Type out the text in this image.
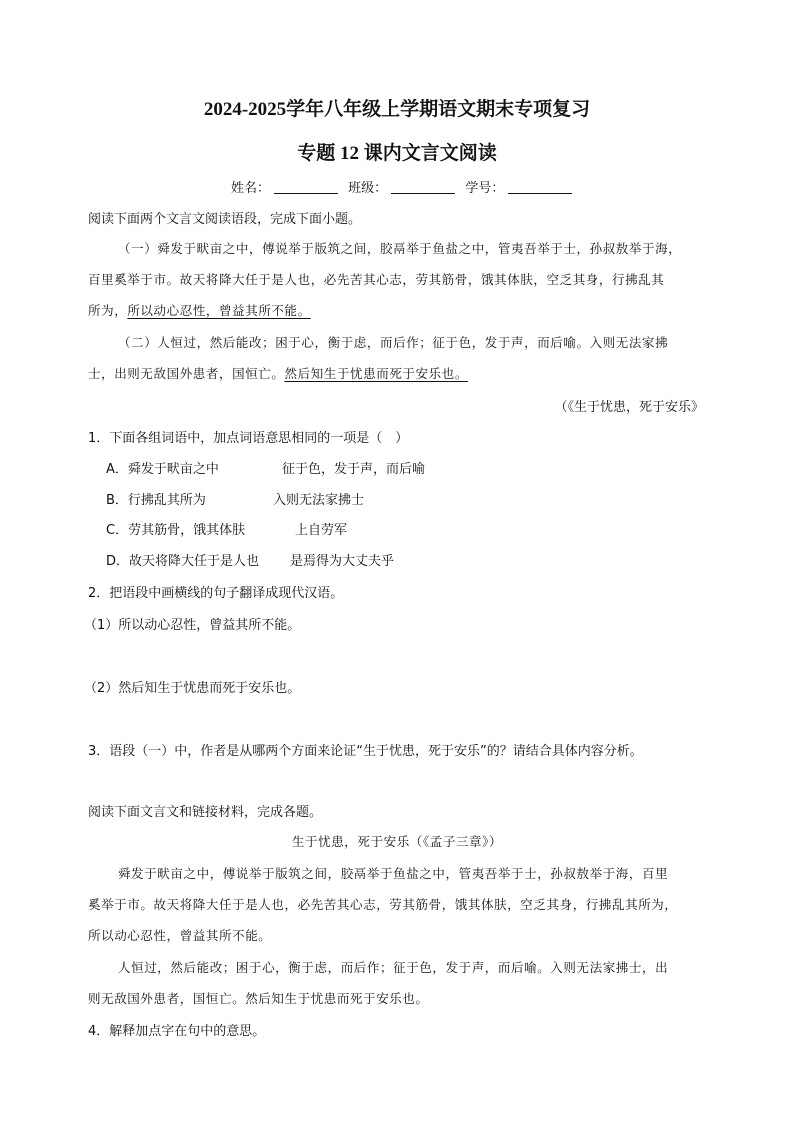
2024-2025学年八年级上学期语文期末专项复习
专题 12 课内文言文阅读
姓名：	班级：	学号：
阅读下面两个文言文阅读语段，完成下面小题。
（一）舜发于畎亩之中，傅说举于版筑之间，胶鬲举于鱼盐之中，管夷吾举于士，孙叔敖举于海，
百里奚举于市。故天将降大任于是人也，必先苦其心志，劳其筋骨，饿其体肤，空乏其身，行拂乱其
所为，所以动心忍性，曾益其所不能。
（二）人恒过，然后能改；困于心，衡于虑，而后作；征于色，发于声，而后喻。入则无法家拂
士，出则无敌国外患者，国恒亡。然后知生于忧患而死于安乐也。
（《生于忧患，死于安乐》
1．下面各组词语中，加点词语意思相同的一项是（　）
A．舜发于畎亩之中	征于色，发于声，而后喻
B．行拂乱其所为	入则无法家拂士
C．劳其筋骨，饿其体肤	上自劳军
D．故天将降大任于是人也 是焉得为大丈夫乎
2．把语段中画横线的句子翻译成现代汉语。
（1）所以动心忍性，曾益其所不能。
（2）然后知生于忧患而死于安乐也。
3．语段（一）中，作者是从哪两个方面来论证“生于忧患，死于安乐”的？请结合具体内容分析。
阅读下面文言文和链接材料，完成各题。
生于忧患，死于安乐（《孟子三章》）
舜发于畎亩之中，傅说举于版筑之间，胶鬲举于鱼盐之中，管夷吾举于士，孙叔敖举于海，百里
奚举于市。故天将降大任于是人也，必先苦其心志，劳其筋骨，饿其体肤，空乏其身，行拂乱其所为，
所以动心忍性，曾益其所不能。
人恒过，然后能改；困于心，衡于虑，而后作；征于色，发于声，而后喻。入则无法家拂士，出
则无敌国外患者，国恒亡。然后知生于忧患而死于安乐也。
4．解释加点字在句中的意思。
